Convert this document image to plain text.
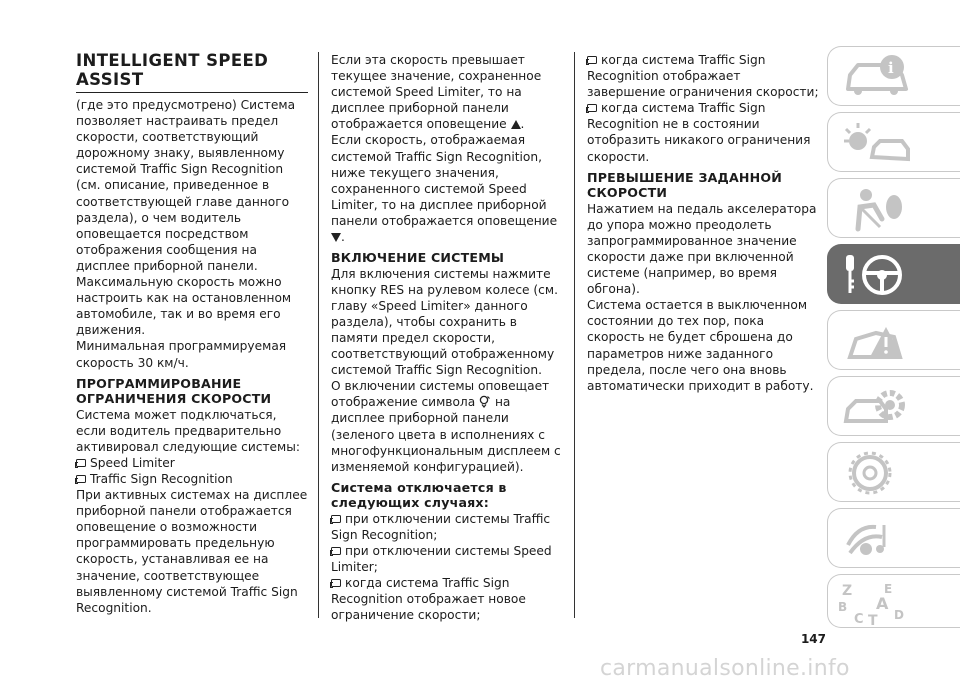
INTELLIGENT SPEED
ASSIST

(где это предусмотрено) Система позволяет настраивать предел скорости, соответствующий дорожному знаку, выявленному системой Traffic Sign Recognition (см. описание, приведенное в соответствующей главе данного раздела), о чем водитель оповещается посредством отображения сообщения на дисплее приборной панели.

Максимальную скорость можно настроить как на остановленном автомобиле, так и во время его движения.

Минимальная программируемая скорость 30 км/ч.

ПРОГРАММИРОВАНИЕ ОГРАНИЧЕНИЯ СКОРОСТИ

Система может подключаться, если водитель предварительно активировал следующие системы:

Speed Limiter

Traffic Sign Recognition

При активных системах на дисплее приборной панели отображается оповещение о возможности программировать предельную скорость, устанавливая ее на значение, соответствующее выявленному системой Traffic Sign Recognition.

Если эта скорость превышает текущее значение, сохраненное системой Speed Limiter, то на дисплее приборной панели отображается оповещение .

Если скорость, отображаемая системой Traffic Sign Recognition, ниже текущего значения, сохраненного системой Speed Limiter, то на дисплее приборной панели отображается оповещение .

ВКЛЮЧЕНИЕ СИСТЕМЫ

Для включения системы нажмите кнопку RES на рулевом колесе (см. главу «Speed Limiter» данного раздела), чтобы сохранить в памяти предел скорости, соответствующий отображенному системой Traffic Sign Recognition.

О включении системы оповещает отображение символа на дисплее приборной панели (зеленого цвета в исполнениях с многофункциональным дисплеем с изменяемой конфигурацией).

Система отключается в следующих случаях:

при отключении системы Traffic Sign Recognition;

при отключении системы Speed Limiter;

когда система Traffic Sign Recognition отображает новое ограничение скорости;

когда система Traffic Sign Recognition отображает завершение ограничения скорости;

когда система Traffic Sign Recognition не в состоянии отобразить никакого ограничения скорости.

ПРЕВЫШЕНИЕ ЗАДАННОЙ СКОРОСТИ

Нажатием на педаль акселератора до упора можно преодолеть запрограммированное значение скорости даже при включенной системе (например, во время обгона).

Система остается в выключенном состоянии до тех пор, пока скорость не будет сброшена до параметров ниже заданного предела, после чего она вновь автоматически приходит в работу.

i
Z	E
B A
C T D
147
carmanualsonline.info
